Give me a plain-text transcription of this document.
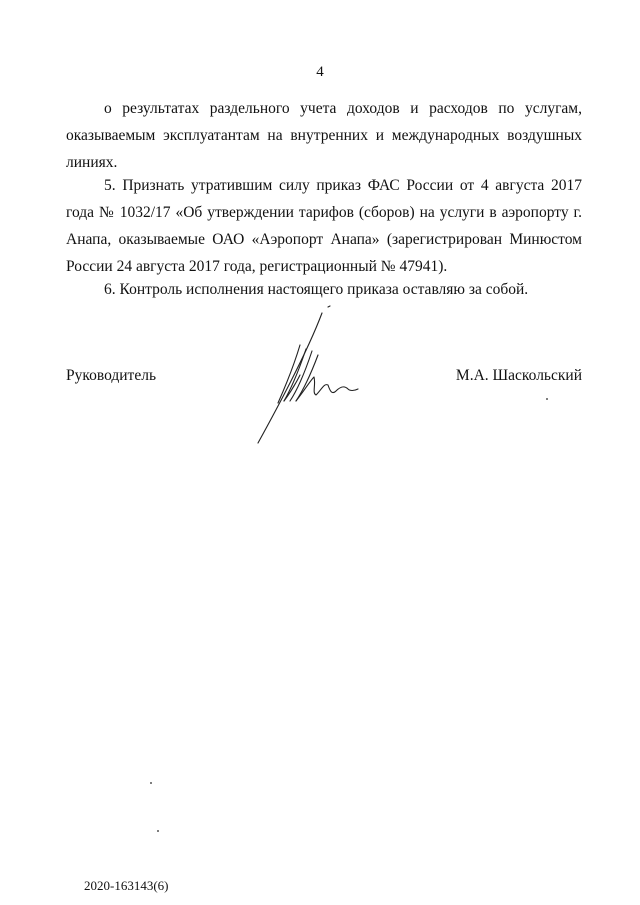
4

о результатах раздельного учета доходов и расходов по услугам, оказываемым эксплуатантам на внутренних и международных воздушных линиях.

5. Признать утратившим силу приказ ФАС России от 4 августа 2017 года № 1032/17 «Об утверждении тарифов (сборов) на услуги в аэропорту г. Анапа, оказываемые ОАО «Аэропорт Анапа» (зарегистрирован Минюстом России 24 августа 2017 года, регистрационный № 47941).

6. Контроль исполнения настоящего приказа оставляю за собой.

Руководитель	М.А. Шаскольский
2020-163143(6)
